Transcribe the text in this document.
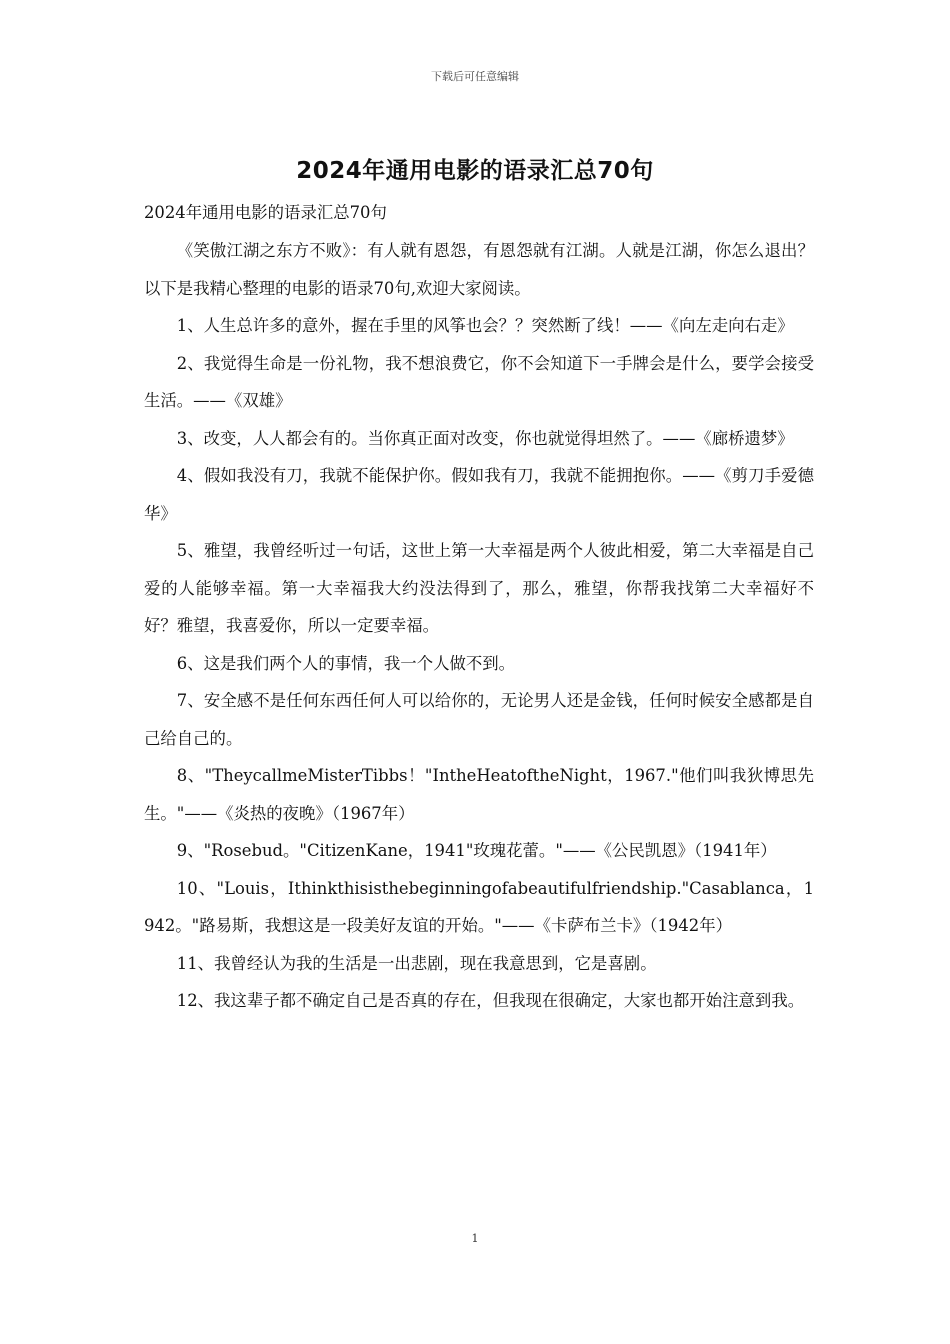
下载后可任意编辑
2024年通用电影的语录汇总70句
2024年通用电影的语录汇总70句

《笑傲江湖之东方不败》：有人就有恩怨，有恩怨就有江湖。人就是江湖，你怎么退出？以下是我精心整理的电影的语录70句,欢迎大家阅读。

1、人生总许多的意外，握在手里的风筝也会？？突然断了线！——《向左走向右走》

2、我觉得生命是一份礼物，我不想浪费它，你不会知道下一手牌会是什么，要学会接受生活。——《双雄》

3、改变，人人都会有的。当你真正面对改变，你也就觉得坦然了。——《廊桥遗梦》

4、假如我没有刀，我就不能保护你。假如我有刀，我就不能拥抱你。——《剪刀手爱德华》

5、雅望，我曾经听过一句话，这世上第一大幸福是两个人彼此相爱，第二大幸福是自己爱的人能够幸福。第一大幸福我大约没法得到了，那么，雅望，你帮我找第二大幸福好不好？雅望，我喜爱你，所以一定要幸福。

6、这是我们两个人的事情，我一个人做不到。

7、安全感不是任何东西任何人可以给你的，无论男人还是金钱，任何时候安全感都是自己给自己的。

8、"TheycallmeMisterTibbs！"IntheHeatoftheNight，1967."他们叫我狄博思先生。"——《炎热的夜晚》（1967年）

9、"Rosebud。"CitizenKane，1941"玫瑰花蕾。"——《公民凯恩》（1941年）

10、"Louis，Ithinkthisisthebeginningofabeautifulfriendship."Casablanca，1942。"路易斯，我想这是一段美好友谊的开始。"——《卡萨布兰卡》（1942年）

11、我曾经认为我的生活是一出悲剧，现在我意思到，它是喜剧。

12、我这辈子都不确定自己是否真的存在，但我现在很确定，大家也都开始注意到我。

1
